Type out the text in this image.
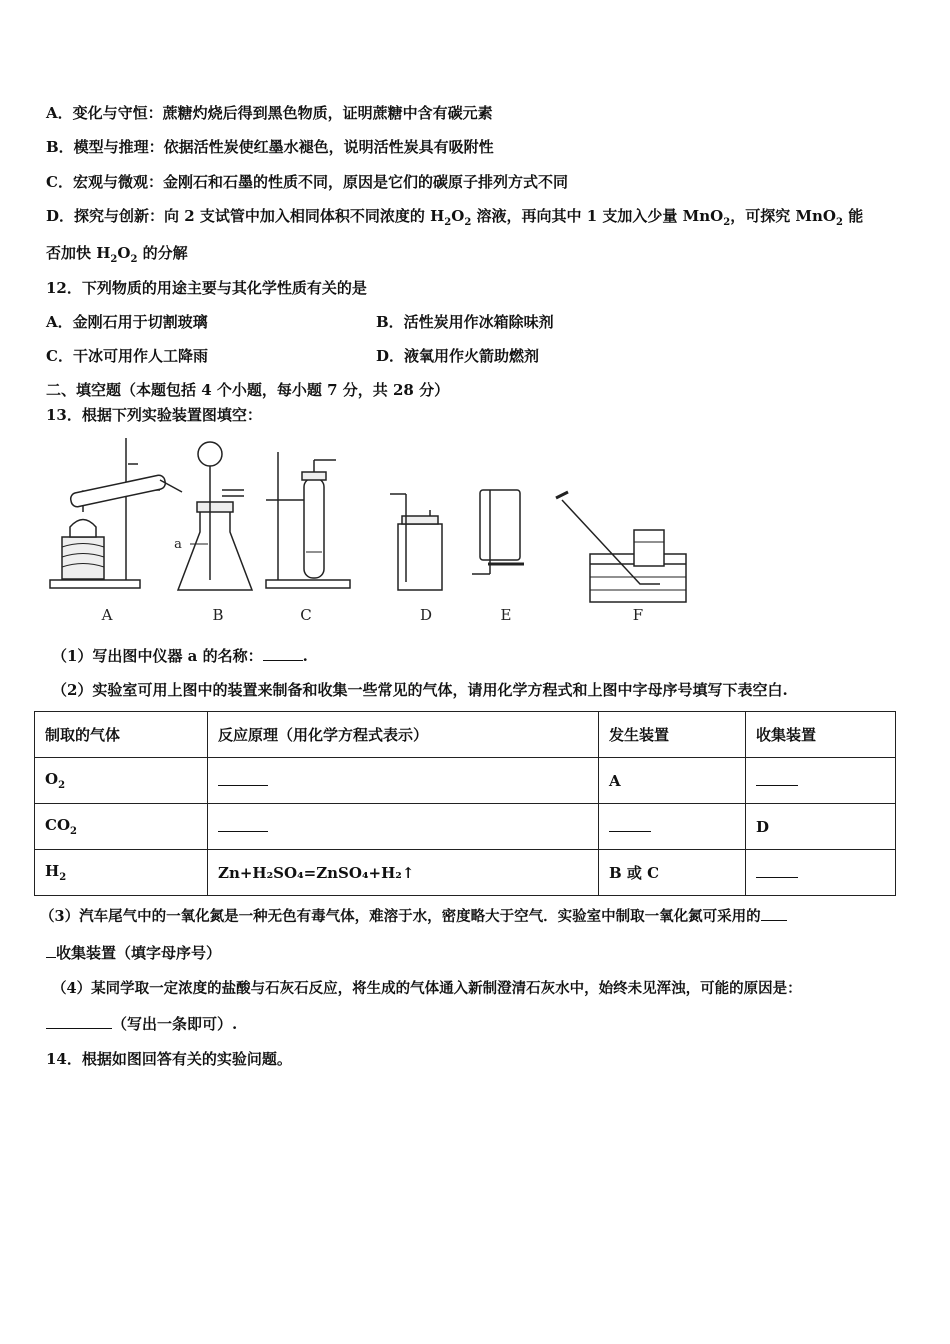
A．变化与守恒：蔗糖灼烧后得到黑色物质，证明蔗糖中含有碳元素
B．模型与推理：依据活性炭使红墨水褪色，说明活性炭具有吸附性
C．宏观与微观：金刚石和石墨的性质不同，原因是它们的碳原子排列方式不同
D．探究与创新：向 2 支试管中加入相同体积不同浓度的 $H_2O_2$ 溶液，再向其中 1 支加入少量 MnO$_2$，可探究 MnO$_2$ 能
否加快 $H_2O_2$ 的分解
12．下列物质的用途主要与其化学性质有关的是
A．金刚石用于切割玻璃	B．活性炭用作冰箱除味剂
C．干冰可用作人工降雨	D．液氧用作火箭助燃剂
二、填空题（本题包括 4 个小题，每小题 7 分，共 28 分）
13．根据下列实验装置图填空：
A	B	C	D	E	F
a
（1）写出图中仪器 a 的名称：	.
（2）实验室可用上图中的装置来制备和收集一些常见的气体，请用化学方程式和上图中字母序号填写下表空白.
制取的气体	反应原理（用化学方程式表示）	发生装置	收集装置
$O_2$		A	
$CO_2$			D
$H_2$	Zn+H₂SO₄=ZnSO₄+H₂↑	B 或 C	
（3）汽车尾气中的一氧化氮是一种无色有毒气体，难溶于水，密度略大于空气．实验室中制取一氧化氮可采用的
收集装置（填字母序号）
（4）某同学取一定浓度的盐酸与石灰石反应，将生成的气体通入新制澄清石灰水中，始终未见浑浊，可能的原因是：
（写出一条即可）.
14．根据如图回答有关的实验问题。
